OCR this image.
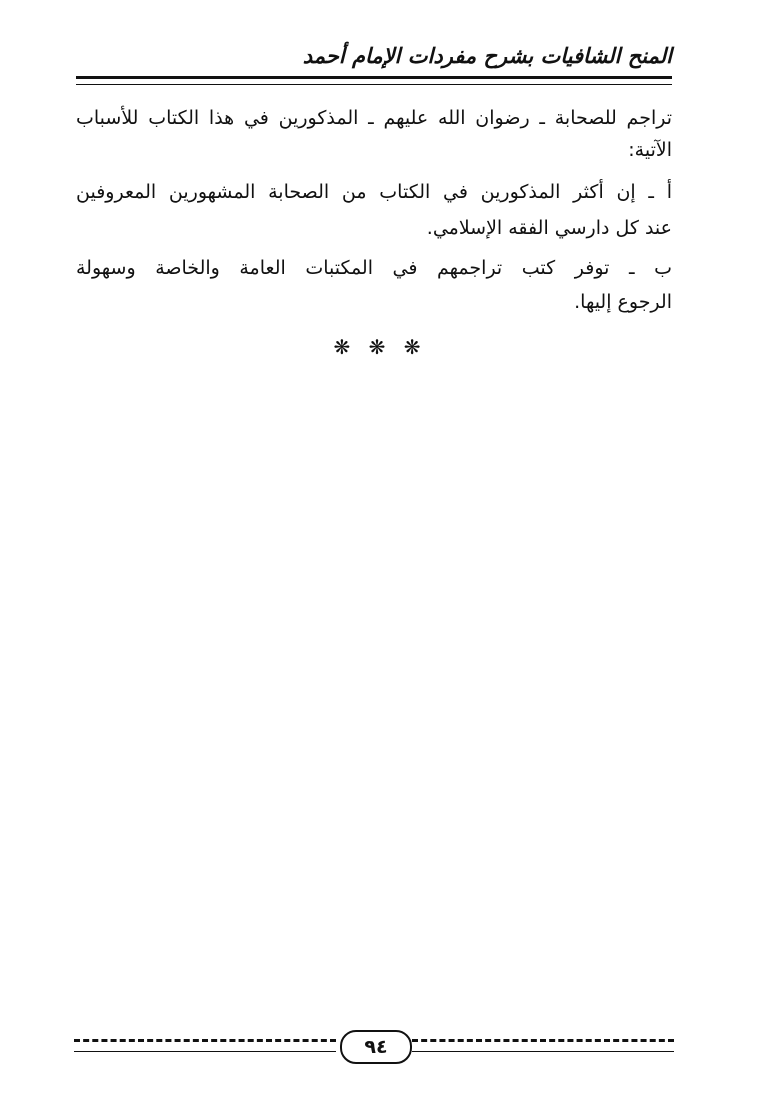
المنح الشافيات بشرح مفردات الإمام أحمد
تراجم للصحابة ـ رضوان الله عليهم ـ المذكورين في هذا الكتاب للأسباب
الآتية:
أ ـ إن أكثر المذكورين في الكتاب من الصحابة المشهورين المعروفين
عند كل دارسي الفقه الإسلامي.
ب ـ توفر كتب تراجمهم في المكتبات العامة والخاصة وسهولة
الرجوع إليها.
❋ ❋ ❋
٩٤
